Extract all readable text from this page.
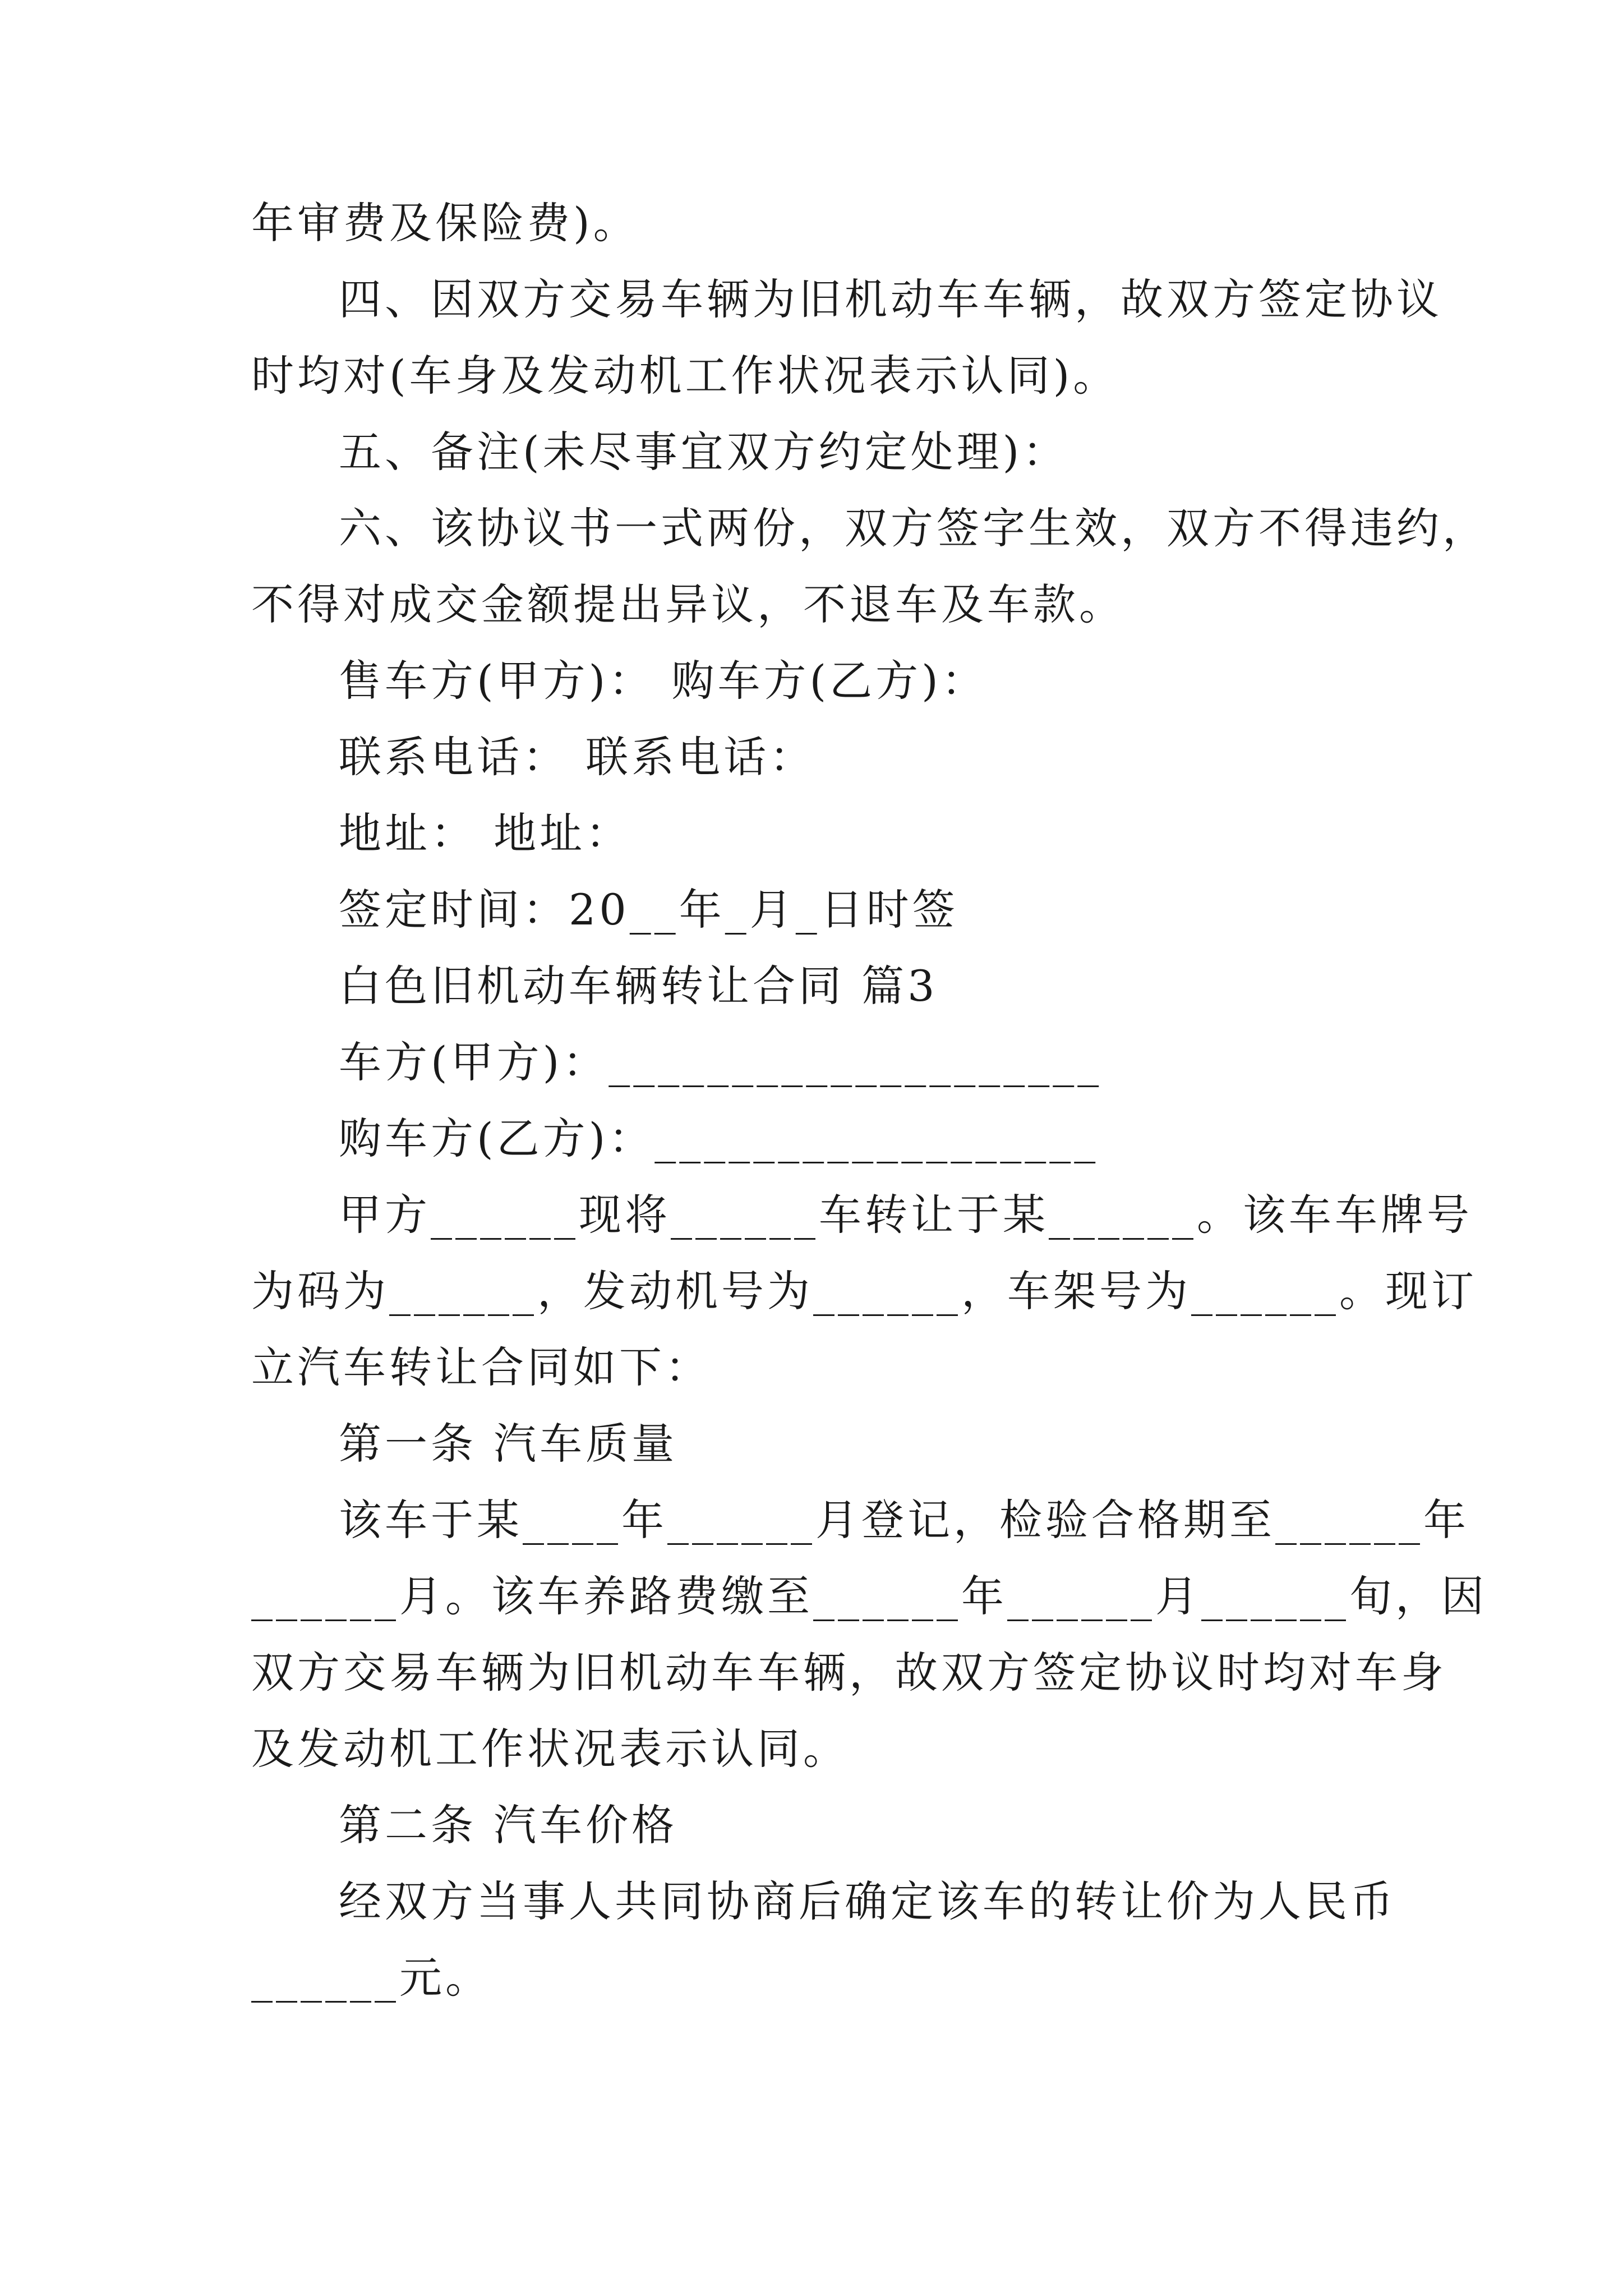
年审费及保险费)。
四、因双方交易车辆为旧机动车车辆，故双方签定协议
时均对(车身及发动机工作状况表示认同)。
五、备注(未尽事宜双方约定处理)：
六、该协议书一式两份，双方签字生效，双方不得违约，
不得对成交金额提出异议，不退车及车款。
售车方(甲方)： 购车方(乙方)：
联系电话： 联系电话：
地址： 地址：
签定时间：20__年_月_日时签
白色旧机动车辆转让合同 篇3
车方(甲方)：____________________
购车方(乙方)：__________________
甲方______现将______车转让于某______。该车车牌号
为码为______，发动机号为______，车架号为______。现订
立汽车转让合同如下：
第一条 汽车质量
该车于某____年______月登记，检验合格期至______年
______月。该车养路费缴至______年______月______旬，因
双方交易车辆为旧机动车车辆，故双方签定协议时均对车身
及发动机工作状况表示认同。
第二条 汽车价格
经双方当事人共同协商后确定该车的转让价为人民币
______元。
